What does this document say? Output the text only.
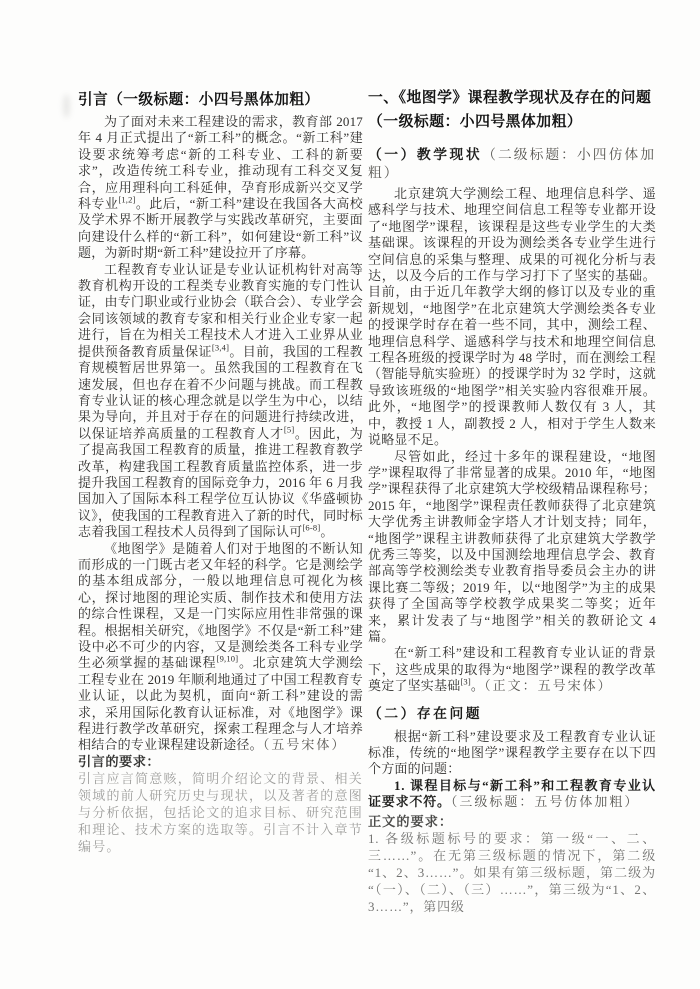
引言（一级标题：小四号黑体加粗）

为了面对未来工程建设的需求，教育部 2017 年 4 月正式提出了“新工科”的概念。“新工科”建设要求统筹考虑“新的工科专业、工科的新要求”，改造传统工科专业，推动现有工科交叉复合，应用理科向工科延伸，孕育形成新兴交叉学科专业[1,2]。此后，“新工科”建设在我国各大高校及学术界不断开展教学与实践改革研究，主要面向建设什么样的“新工科”，如何建设“新工科”议题，为新时期“新工科”建设拉开了序幕。

工程教育专业认证是专业认证机构针对高等教育机构开设的工程类专业教育实施的专门性认证，由专门职业或行业协会（联合会）、专业学会会同该领域的教育专家和相关行业企业专家一起进行，旨在为相关工程技术人才进入工业界从业提供预备教育质量保证[3,4]。目前，我国的工程教育规模暂居世界第一。虽然我国的工程教育在飞速发展，但也存在着不少问题与挑战。而工程教育专业认证的核心理念就是以学生为中心，以结果为导向，并且对于存在的问题进行持续改进，以保证培养高质量的工程教育人才[5]。因此，为了提高我国工程教育的质量，推进工程教育教学改革，构建我国工程教育质量监控体系，进一步提升我国工程教育的国际竞争力，2016 年 6 月我国加入了国际本科工程学位互认协议《华盛顿协议》，使我国的工程教育进入了新的时代，同时标志着我国工程技术人员得到了国际认可[6-8]。

《地图学》是随着人们对于地图的不断认知而形成的一门既古老又年轻的科学。它是测绘学的基本组成部分，一般以地理信息可视化为核心，探讨地图的理论实质、制作技术和使用方法的综合性课程，又是一门实际应用性非常强的课程。根据相关研究，《地图学》不仅是“新工科”建设中必不可少的内容，又是测绘类各工科专业学生必须掌握的基础课程[9,10]。北京建筑大学测绘工程专业在 2019 年顺利地通过了中国工程教育专业认证，以此为契机，面向“新工科”建设的需求，采用国际化教育认证标准，对《地图学》课程进行教学改革研究，探索工程理念与人才培养相结合的专业课程建设新途径。（五号宋体）

引言的要求：

引言应言简意赅，简明介绍论文的背景、相关领域的前人研究历史与现状，以及著者的意图与分析依据，包括论文的追求目标、研究范围和理论、技术方案的选取等。引言不计入章节编号。

一、《地图学》课程教学现状及存在的问题
（一级标题：小四号黑体加粗）

（一）教学现状（二级标题：小四仿体加粗）

北京建筑大学测绘工程、地理信息科学、遥感科学与技术、地理空间信息工程等专业都开设了“地图学”课程，该课程是这些专业学生的大类基础课。该课程的开设为测绘类各专业学生进行空间信息的采集与整理、成果的可视化分析与表达，以及今后的工作与学习打下了坚实的基础。目前，由于近几年教学大纲的修订以及专业的重新规划，“地图学”在北京建筑大学测绘类各专业的授课学时存在着一些不同，其中，测绘工程、地理信息科学、遥感科学与技术和地理空间信息工程各班级的授课学时为 48 学时，而在测绘工程（智能导航实验班）的授课学时为 32 学时，这就导致该班级的“地图学”相关实验内容很难开展。此外，“地图学”的授课教师人数仅有 3 人，其中，教授 1 人，副教授 2 人，相对于学生人数来说略显不足。

尽管如此，经过十多年的课程建设，“地图学”课程取得了非常显著的成果。2010 年，“地图学”课程获得了北京建筑大学校级精品课程称号；2015 年，“地图学”课程责任教师获得了北京建筑大学优秀主讲教师金字塔人才计划支持；同年，“地图学”课程主讲教师获得了北京建筑大学教学优秀三等奖，以及中国测绘地理信息学会、教育部高等学校测绘类专业教育指导委员会主办的讲课比赛二等级；2019 年，以“地图学”为主的成果获得了全国高等学校教学成果奖二等奖；近年来，累计发表了与“地图学”相关的教研论文 4 篇。

在“新工科”建设和工程教育专业认证的背景下，这些成果的取得为“地图学”课程的教学改革奠定了坚实基础[3]。（正文：五号宋体）

（二）存在问题

根据“新工科”建设要求及工程教育专业认证标准，传统的“地图学”课程教学主要存在以下四个方面的问题：

1. 课程目标与“新工科”和工程教育专业认证要求不符。（三级标题：五号仿体加粗）

正文的要求：

1. 各级标题标号的要求：第一级“一、二、三……”。在无第三级标题的情况下，第二级“1、2、3……”。如果有第三级标题，第二级为“（一）、（二）、（三）……”，第三级为“1、2、3……”，第四级
